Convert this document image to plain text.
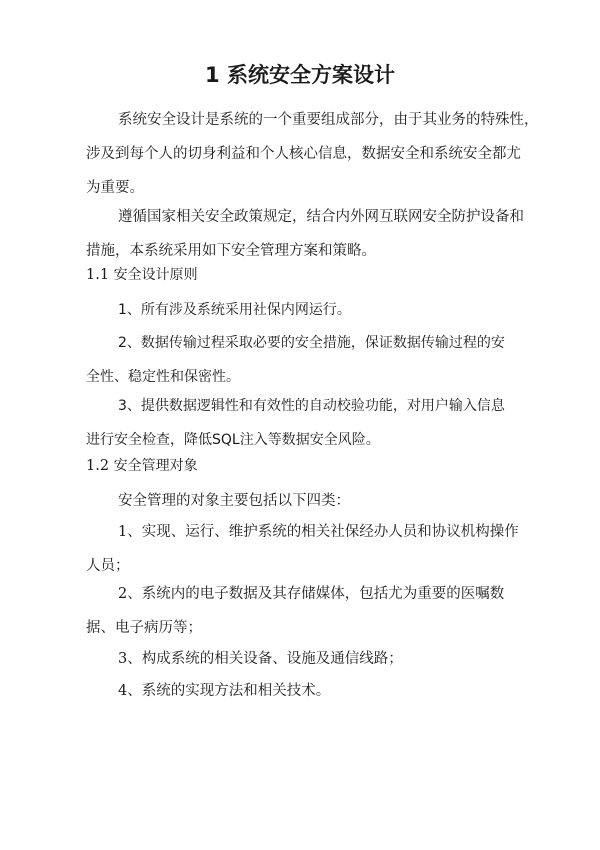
1 系统安全方案设计
系统安全设计是系统的一个重要组成部分，由于其业务的特殊性，
涉及到每个人的切身利益和个人核心信息，数据安全和系统安全都尤
为重要。
遵循国家相关安全政策规定，结合内外网互联网安全防护设备和
措施，本系统采用如下安全管理方案和策略。
1.1 安全设计原则
1、所有涉及系统采用社保内网运行。
2、数据传输过程采取必要的安全措施，保证数据传输过程的安
全性、稳定性和保密性。
3、提供数据逻辑性和有效性的自动校验功能，对用户输入信息
进行安全检查，降低SQL注入等数据安全风险。
1.2 安全管理对象
安全管理的对象主要包括以下四类：
1、实现、运行、维护系统的相关社保经办人员和协议机构操作
人员；
2、系统内的电子数据及其存储媒体，包括尤为重要的医嘱数
据、电子病历等；
3、构成系统的相关设备、设施及通信线路；
4、系统的实现方法和相关技术。
